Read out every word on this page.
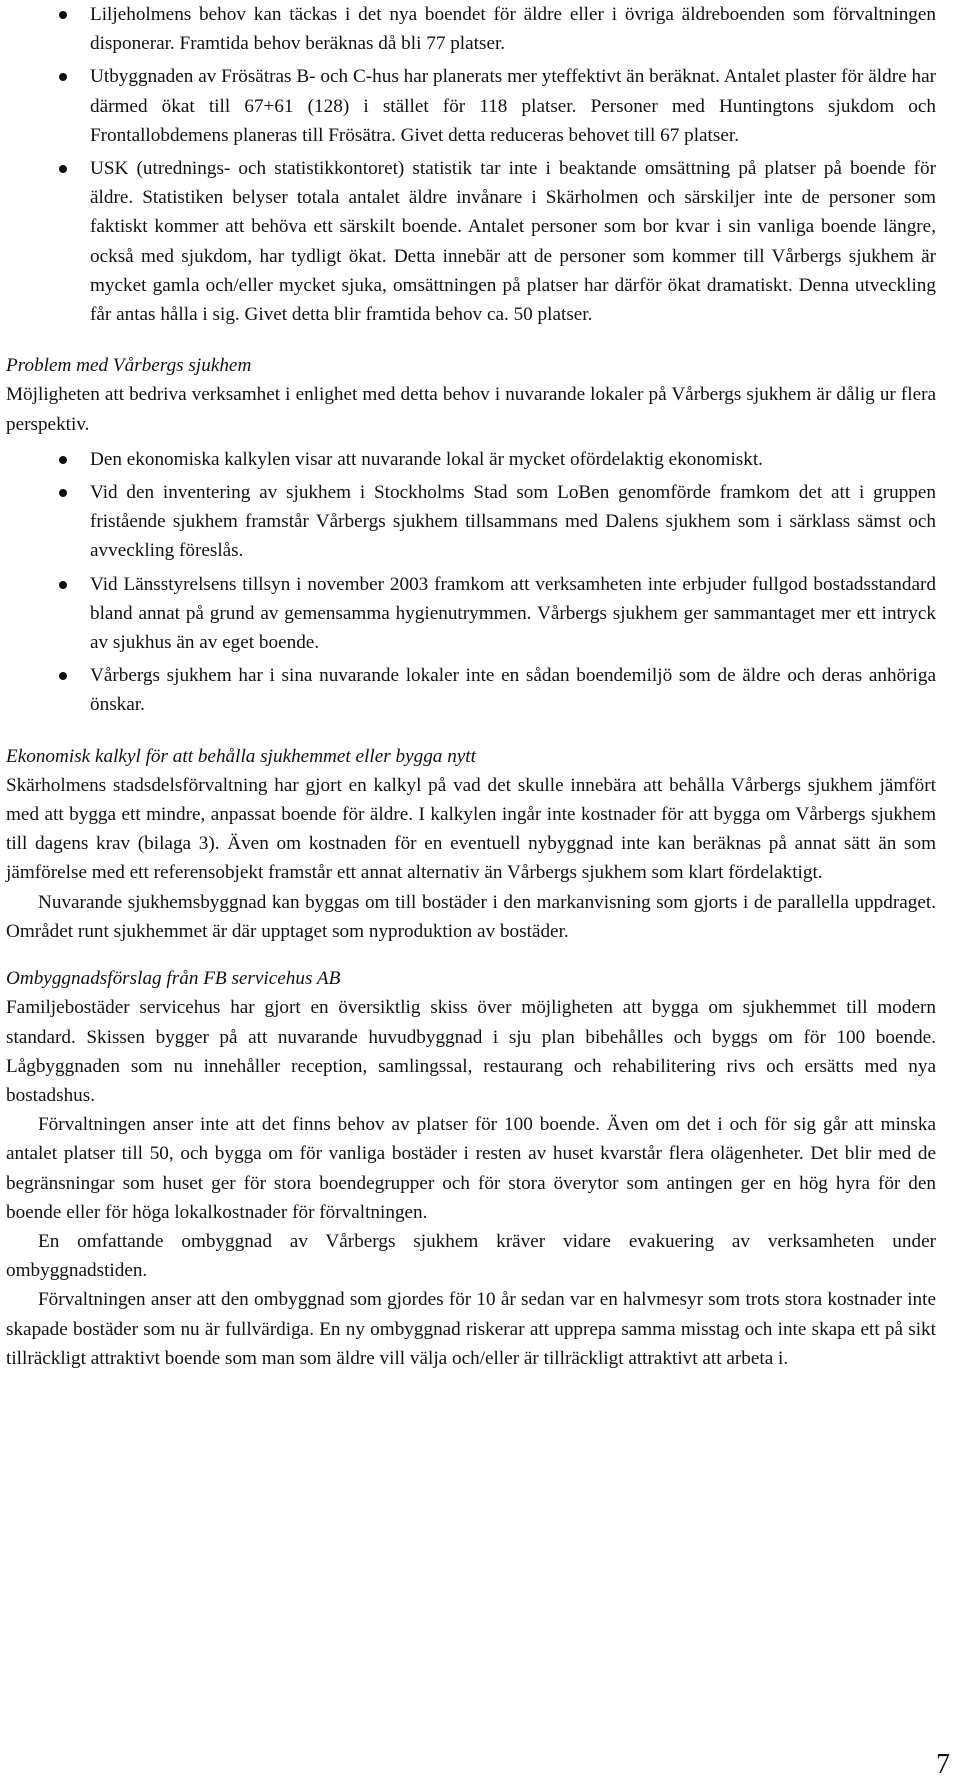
Liljeholmens behov kan täckas i det nya boendet för äldre eller i övriga äldreboenden som förvaltningen disponerar. Framtida behov beräknas då bli 77 platser.
Utbyggnaden av Frösätras B- och C-hus har planerats mer yteffektivt än beräknat. Antalet plaster för äldre har därmed ökat till 67+61 (128) i stället för 118 platser. Personer med Huntingtons sjukdom och Frontallobdemens planeras till Frösätra. Givet detta reduceras behovet till 67 platser.
USK (utrednings- och statistikkontoret) statistik tar inte i beaktande omsättning på platser på boende för äldre. Statistiken belyser totala antalet äldre invånare i Skärholmen och särskiljer inte de personer som faktiskt kommer att behöva ett särskilt boende. Antalet personer som bor kvar i sin vanliga boende längre, också med sjukdom, har tydligt ökat. Detta innebär att de personer som kommer till Vårbergs sjukhem är mycket gamla och/eller mycket sjuka, omsättningen på platser har därför ökat dramatiskt. Denna utveckling får antas hålla i sig. Givet detta blir framtida behov ca. 50 platser.

Problem med Vårbergs sjukhem

Möjligheten att bedriva verksamhet i enlighet med detta behov i nuvarande lokaler på Vårbergs sjukhem är dålig ur flera perspektiv.

Den ekonomiska kalkylen visar att nuvarande lokal är mycket ofördelaktig ekonomiskt.
Vid den inventering av sjukhem i Stockholms Stad som LoBen genomförde framkom det att i gruppen fristående sjukhem framstår Vårbergs sjukhem tillsammans med Dalens sjukhem som i särklass sämst och avveckling föreslås.
Vid Länsstyrelsens tillsyn i november 2003 framkom att verksamheten inte erbjuder fullgod bostadsstandard bland annat på grund av gemensamma hygienutrymmen. Vårbergs sjukhem ger sammantaget mer ett intryck av sjukhus än av eget boende.
Vårbergs sjukhem har i sina nuvarande lokaler inte en sådan boendemiljö som de äldre och deras anhöriga önskar.

Ekonomisk kalkyl för att behålla sjukhemmet eller bygga nytt

Skärholmens stadsdelsförvaltning har gjort en kalkyl på vad det skulle innebära att behålla Vårbergs sjukhem jämfört med att bygga ett mindre, anpassat boende för äldre. I kalkylen ingår inte kostnader för att bygga om Vårbergs sjukhem till dagens krav (bilaga 3). Även om kostnaden för en eventuell nybyggnad inte kan beräknas på annat sätt än som jämförelse med ett referensobjekt framstår ett annat alternativ än Vårbergs sjukhem som klart fördelaktigt.

Nuvarande sjukhemsbyggnad kan byggas om till bostäder i den markanvisning som gjorts i de parallella uppdraget. Området runt sjukhemmet är där upptaget som nyproduktion av bostäder.

Ombyggnadsförslag från FB servicehus AB

Familjebostäder servicehus har gjort en översiktlig skiss över möjligheten att bygga om sjukhemmet till modern standard. Skissen bygger på att nuvarande huvudbyggnad i sju plan bibehålles och byggs om för 100 boende. Lågbyggnaden som nu innehåller reception, samlingssal, restaurang och rehabilitering rivs och ersätts med nya bostadshus.

Förvaltningen anser inte att det finns behov av platser för 100 boende. Även om det i och för sig går att minska antalet platser till 50, och bygga om för vanliga bostäder i resten av huset kvarstår flera olägenheter. Det blir med de begränsningar som huset ger för stora boendegrupper och för stora överytor som antingen ger en hög hyra för den boende eller för höga lokalkostnader för förvaltningen.

En omfattande ombyggnad av Vårbergs sjukhem kräver vidare evakuering av verksamheten under ombyggnadstiden.

Förvaltningen anser att den ombyggnad som gjordes för 10 år sedan var en halvmesyr som trots stora kostnader inte skapade bostäder som nu är fullvärdiga. En ny ombyggnad riskerar att upprepa samma misstag och inte skapa ett på sikt tillräckligt attraktivt boende som man som äldre vill välja och/eller är tillräckligt attraktivt att arbeta i.

7
